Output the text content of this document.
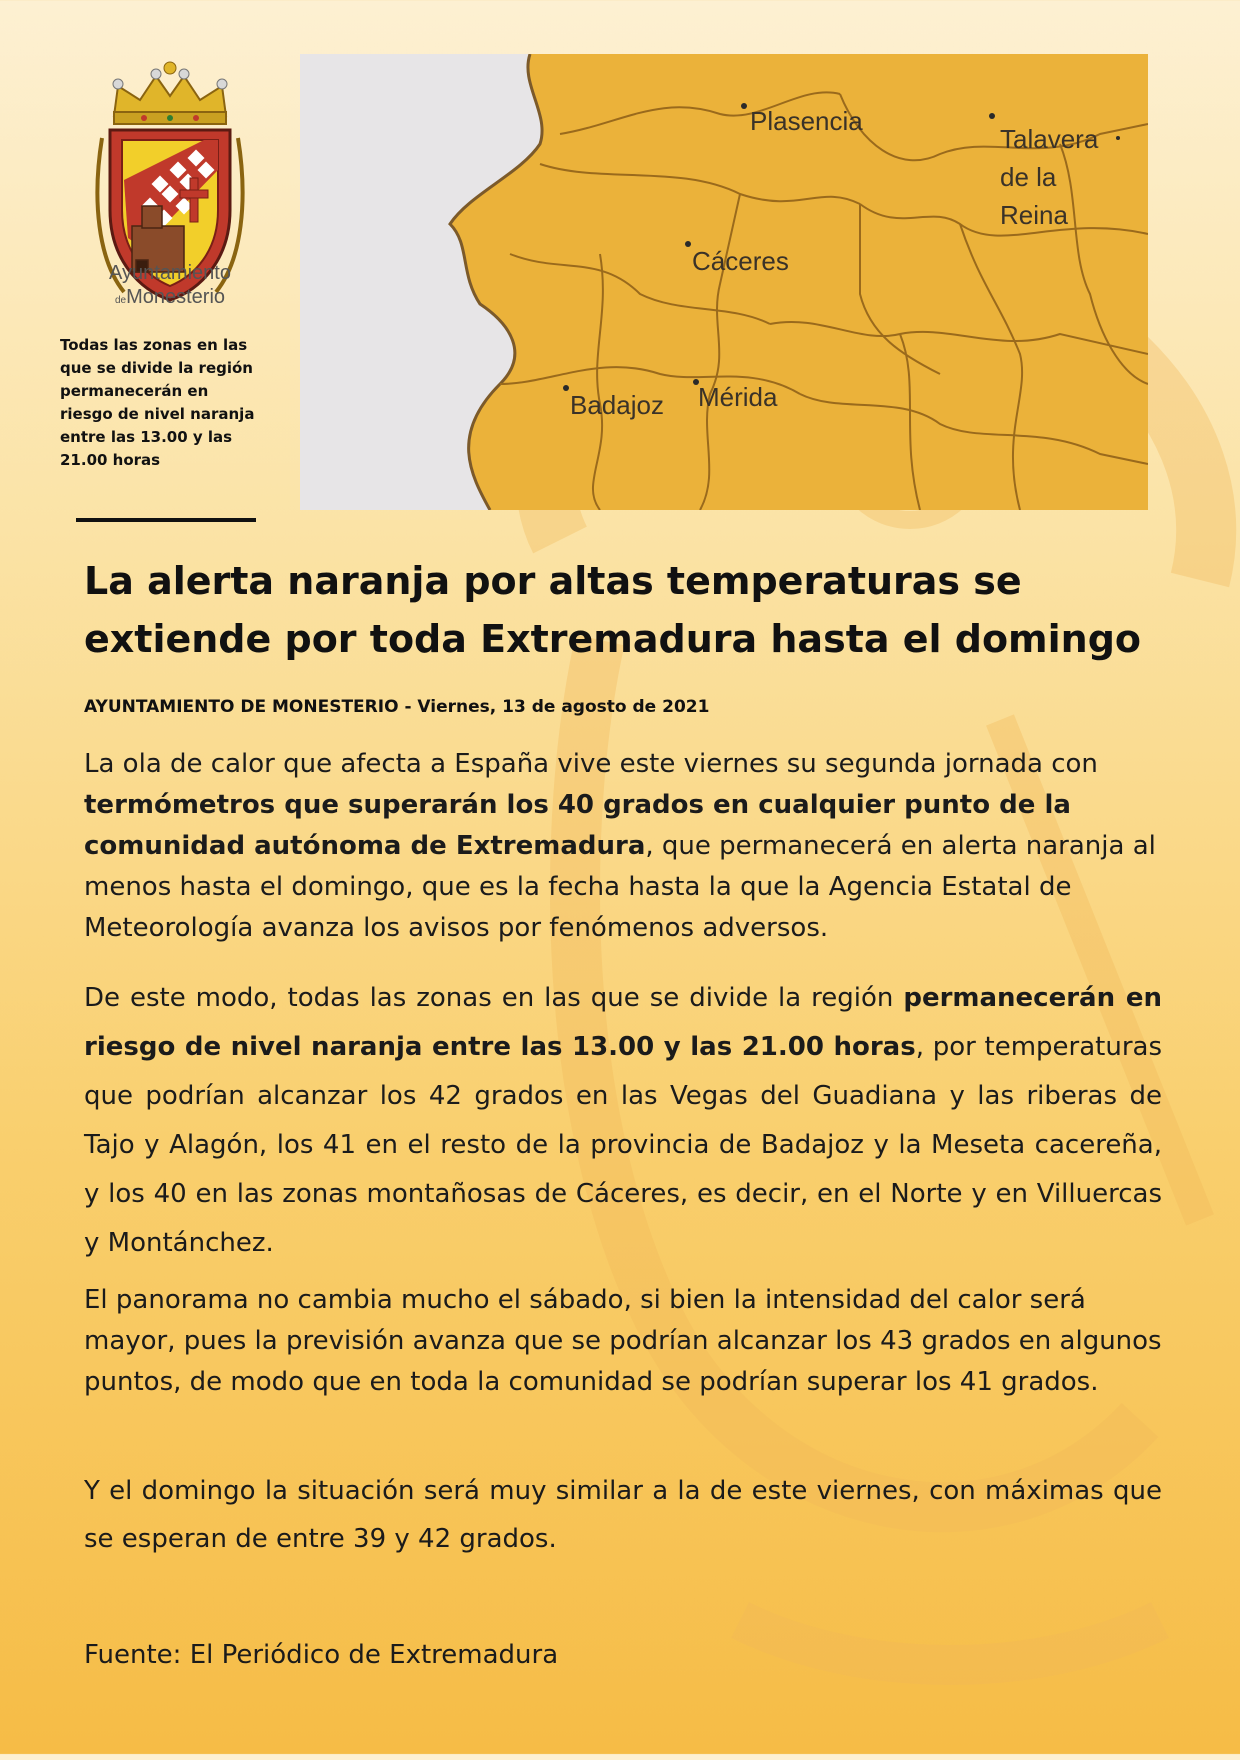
Ayuntamiento
deMonesterio
Todas las zonas en las que se divide la región permanecerán en riesgo de nivel naranja entre las 13.00 y las 21.00 horas
Plasencia
Talavera
de la
Reina
Cáceres
Badajoz Mérida
La alerta naranja por altas temperaturas se extiende por toda Extremadura hasta el domingo

AYUNTAMIENTO DE MONESTERIO - Viernes, 13 de agosto de 2021

La ola de calor que afecta a España vive este viernes su segunda jornada con termómetros que superarán los 40 grados en cualquier punto de la comunidad autónoma de Extremadura, que permanecerá en alerta naranja al menos hasta el domingo, que es la fecha hasta la que la Agencia Estatal de Meteorología avanza los avisos por fenómenos adversos.

De este modo, todas las zonas en las que se divide la región permanecerán en riesgo de nivel naranja entre las 13.00 y las 21.00 horas, por temperaturas que podrían alcanzar los 42 grados en las Vegas del Guadiana y las riberas de Tajo y Alagón, los 41 en el resto de la provincia de Badajoz y la Meseta cacereña, y los 40 en las zonas montañosas de Cáceres, es decir, en el Norte y en Villuercas y Montánchez.

El panorama no cambia mucho el sábado, si bien la intensidad del calor será mayor, pues la previsión avanza que se podrían alcanzar los 43 grados en algunos puntos, de modo que en toda la comunidad se podrían superar los 41 grados.

Y el domingo la situación será muy similar a la de este viernes, con máximas que se esperan de entre 39 y 42 grados.

Fuente: El Periódico de Extremadura
